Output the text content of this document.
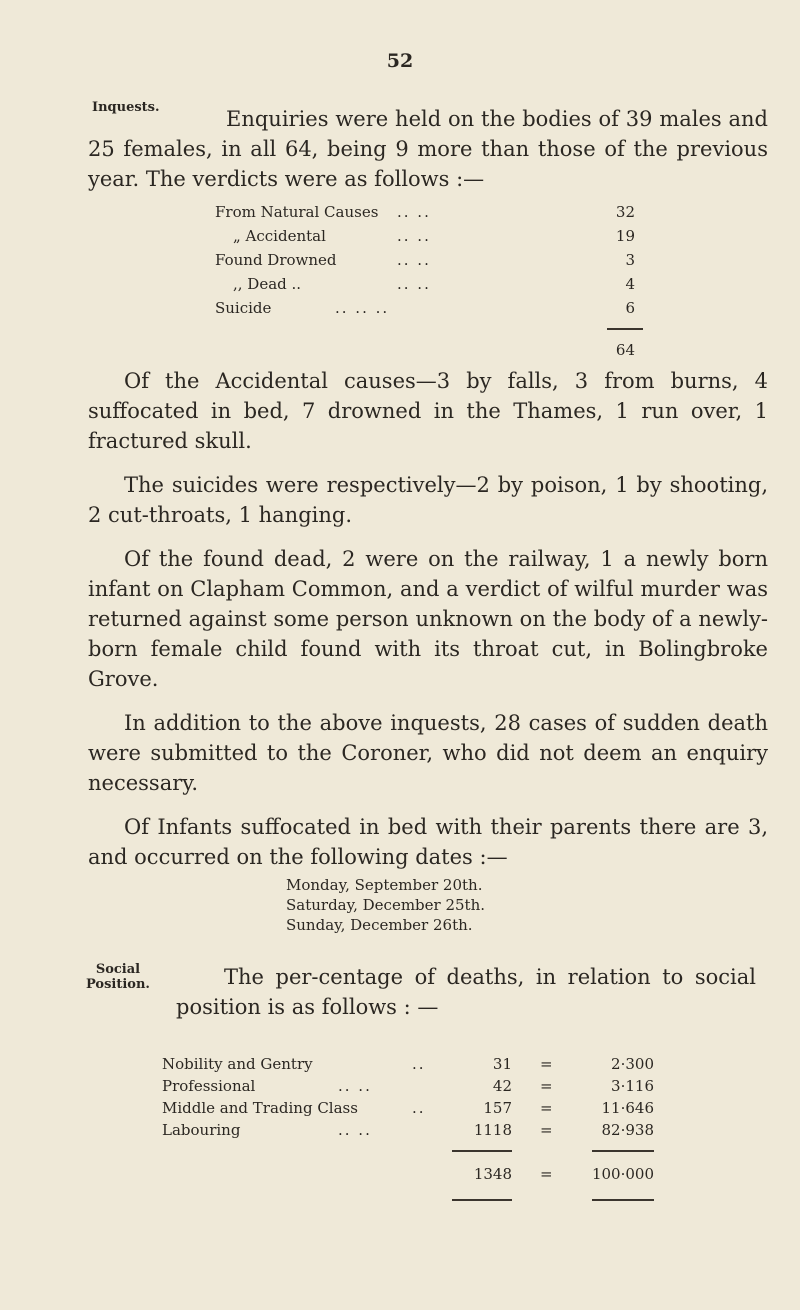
52
Inquests.	Enquiries were held on the bodies of 39 males and 25 females, in all 64, being 9 more than those of the previous year. The verdicts were as follows :—

From Natural Causes .. ..	32
„ Accidental	.. ..	19
Found Drowned	.. ..	3
,, Dead ..	.. ..	4
Suicide	.. .. ..	6
64

Of the Accidental causes—3 by falls, 3 from burns, 4 suffocated in bed, 7 drowned in the Thames, 1 run over, 1 fractured skull.

The suicides were respectively—2 by poison, 1 by shooting, 2 cut-throats, 1 hanging.

Of the found dead, 2 were on the railway, 1 a newly born infant on Clapham Common, and a verdict of wilful murder was returned against some person unknown on the body of a newly-born female child found with its throat cut, in Bolingbroke Grove.

In addition to the above inquests, 28 cases of sudden death were submitted to the Coroner, who did not deem an enquiry necessary.

Of Infants suffocated in bed with their parents there are 3, and occurred on the following dates :—

Monday, September 20th.
Saturday, December 25th.
Sunday, December 26th.
Social
Position.	The per-centage of deaths, in relation to social position is as follows : —

Nobility and Gentry	..	31 =	2·300
Professional	.. ..	42 =	3·116
Middle and Trading Class	..	157 =	11·646
Labouring	.. ..	1118 =	82·938
1348 =	100·000
